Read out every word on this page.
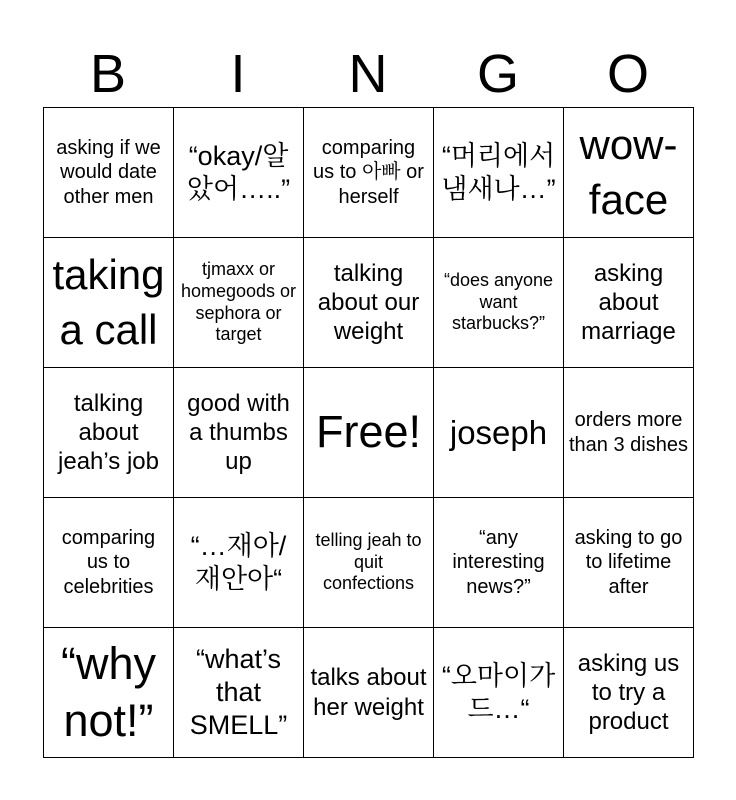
B	I	N	G	O
asking if we would date other men	“okay/알았어…..”	comparing us to 아빠 or herself	“머리에서 냄새나…”	wow-face
taking a call	tjmaxx or homegoods or sephora or target	talking about our weight	“does anyone want starbucks?”	asking about marriage
talking about jeah’s job	good with a thumbs up	Free!	joseph	orders more than 3 dishes
comparing us to celebrities	“…재아/재안아“	telling jeah to quit confections	“any interesting news?”	asking to go to lifetime after
“why not!”	“what’s that SMELL”	talks about her weight	“오마이가드…“	asking us to try a product
